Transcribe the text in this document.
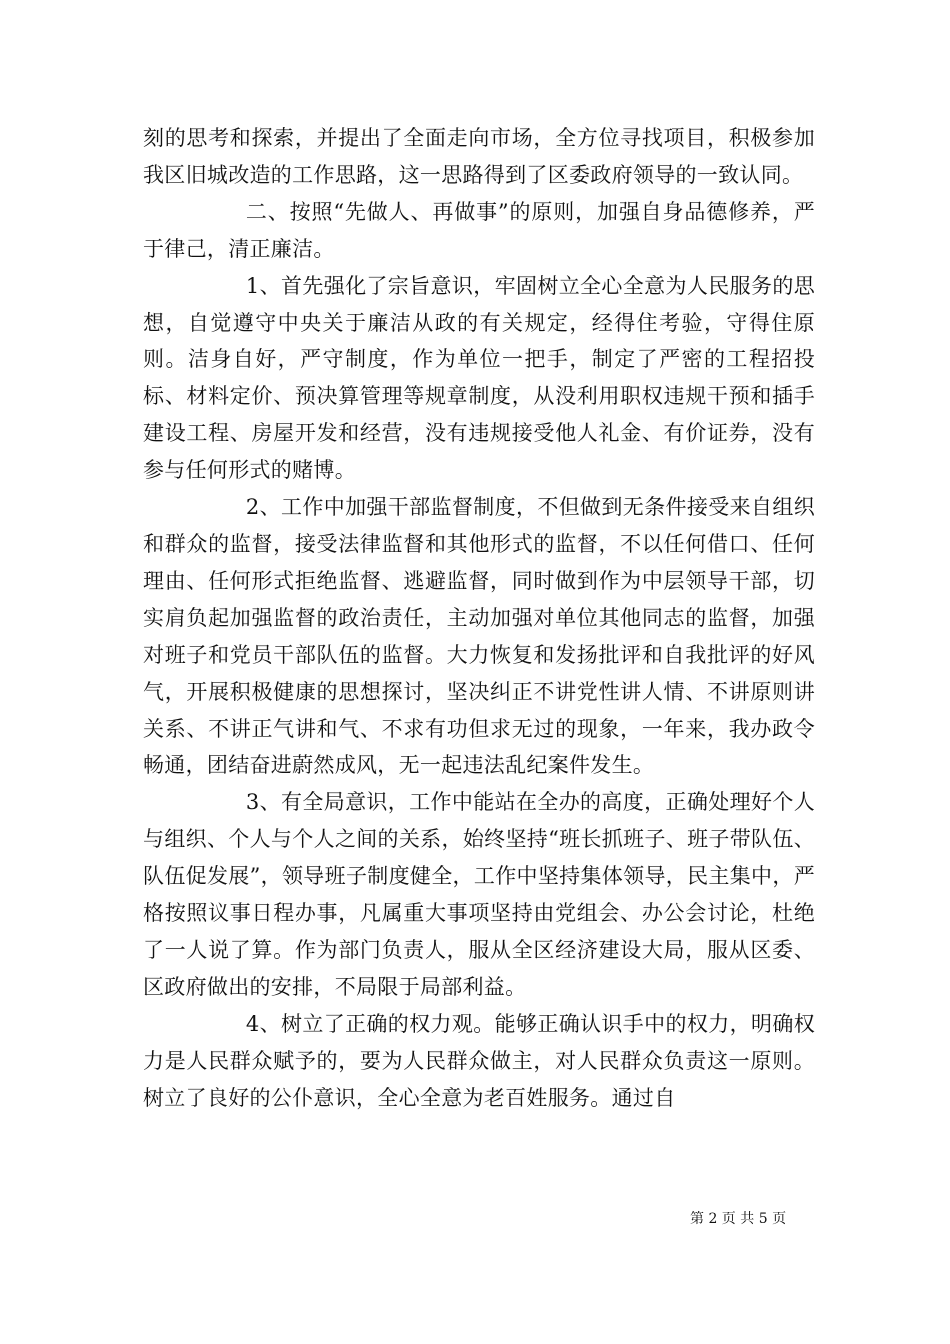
刻的思考和探索，并提出了全面走向市场，全方位寻找项目，积极参加我区旧城改造的工作思路，这一思路得到了区委政府领导的一致认同。

二、按照“先做人、再做事”的原则，加强自身品德修养，严于律己，清正廉洁。

1、首先强化了宗旨意识，牢固树立全心全意为人民服务的思想，自觉遵守中央关于廉洁从政的有关规定，经得住考验，守得住原则。洁身自好，严守制度，作为单位一把手，制定了严密的工程招投标、材料定价、预决算管理等规章制度，从没利用职权违规干预和插手建设工程、房屋开发和经营，没有违规接受他人礼金、有价证券，没有参与任何形式的赌博。

2、工作中加强干部监督制度，不但做到无条件接受来自组织和群众的监督，接受法律监督和其他形式的监督，不以任何借口、任何理由、任何形式拒绝监督、逃避监督，同时做到作为中层领导干部，切实肩负起加强监督的政治责任，主动加强对单位其他同志的监督，加强对班子和党员干部队伍的监督。大力恢复和发扬批评和自我批评的好风气，开展积极健康的思想探讨，坚决纠正不讲党性讲人情、不讲原则讲关系、不讲正气讲和气、不求有功但求无过的现象，一年来，我办政令畅通，团结奋进蔚然成风，无一起违法乱纪案件发生。

3、有全局意识，工作中能站在全办的高度，正确处理好个人与组织、个人与个人之间的关系，始终坚持“班长抓班子、班子带队伍、队伍促发展”，领导班子制度健全，工作中坚持集体领导，民主集中，严格按照议事日程办事，凡属重大事项坚持由党组会、办公会讨论，杜绝了一人说了算。作为部门负责人，服从全区经济建设大局，服从区委、区政府做出的安排，不局限于局部利益。

4、树立了正确的权力观。能够正确认识手中的权力，明确权力是人民群众赋予的，要为人民群众做主，对人民群众负责这一原则。树立了良好的公仆意识，全心全意为老百姓服务。通过自

第 2 页 共 5 页
